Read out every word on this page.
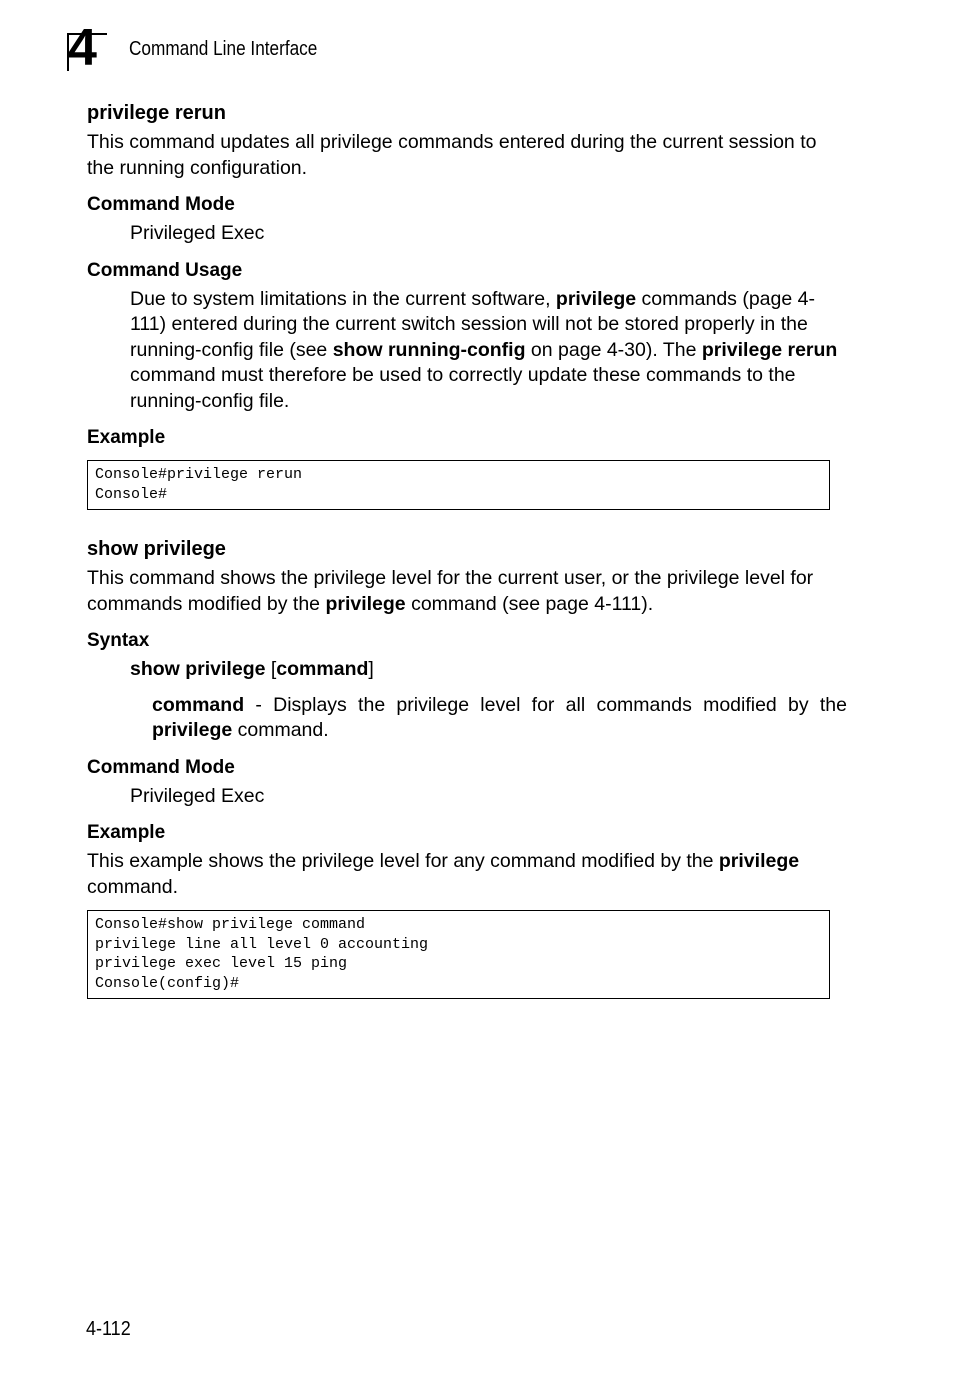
4 Command Line Interface
privilege rerun

This command updates all privilege commands entered during the current session to the running configuration.

Command Mode

Privileged Exec

Command Usage

Due to system limitations in the current software, privilege commands (page 4-111) entered during the current switch session will not be stored properly in the running-config file (see show running-config on page 4-30). The privilege rerun command must therefore be used to correctly update these commands to the running-config file.

Example
Console#privilege rerun
Console#
show privilege

This command shows the privilege level for the current user, or the privilege level for commands modified by the privilege command (see page 4-111).

Syntax

show privilege [command]

command - Displays the privilege level for all commands modified by the privilege command.

Command Mode

Privileged Exec

Example

This example shows the privilege level for any command modified by the privilege command.

Console#show privilege command
privilege line all level 0 accounting
privilege exec level 15 ping
Console(config)#
4-112
